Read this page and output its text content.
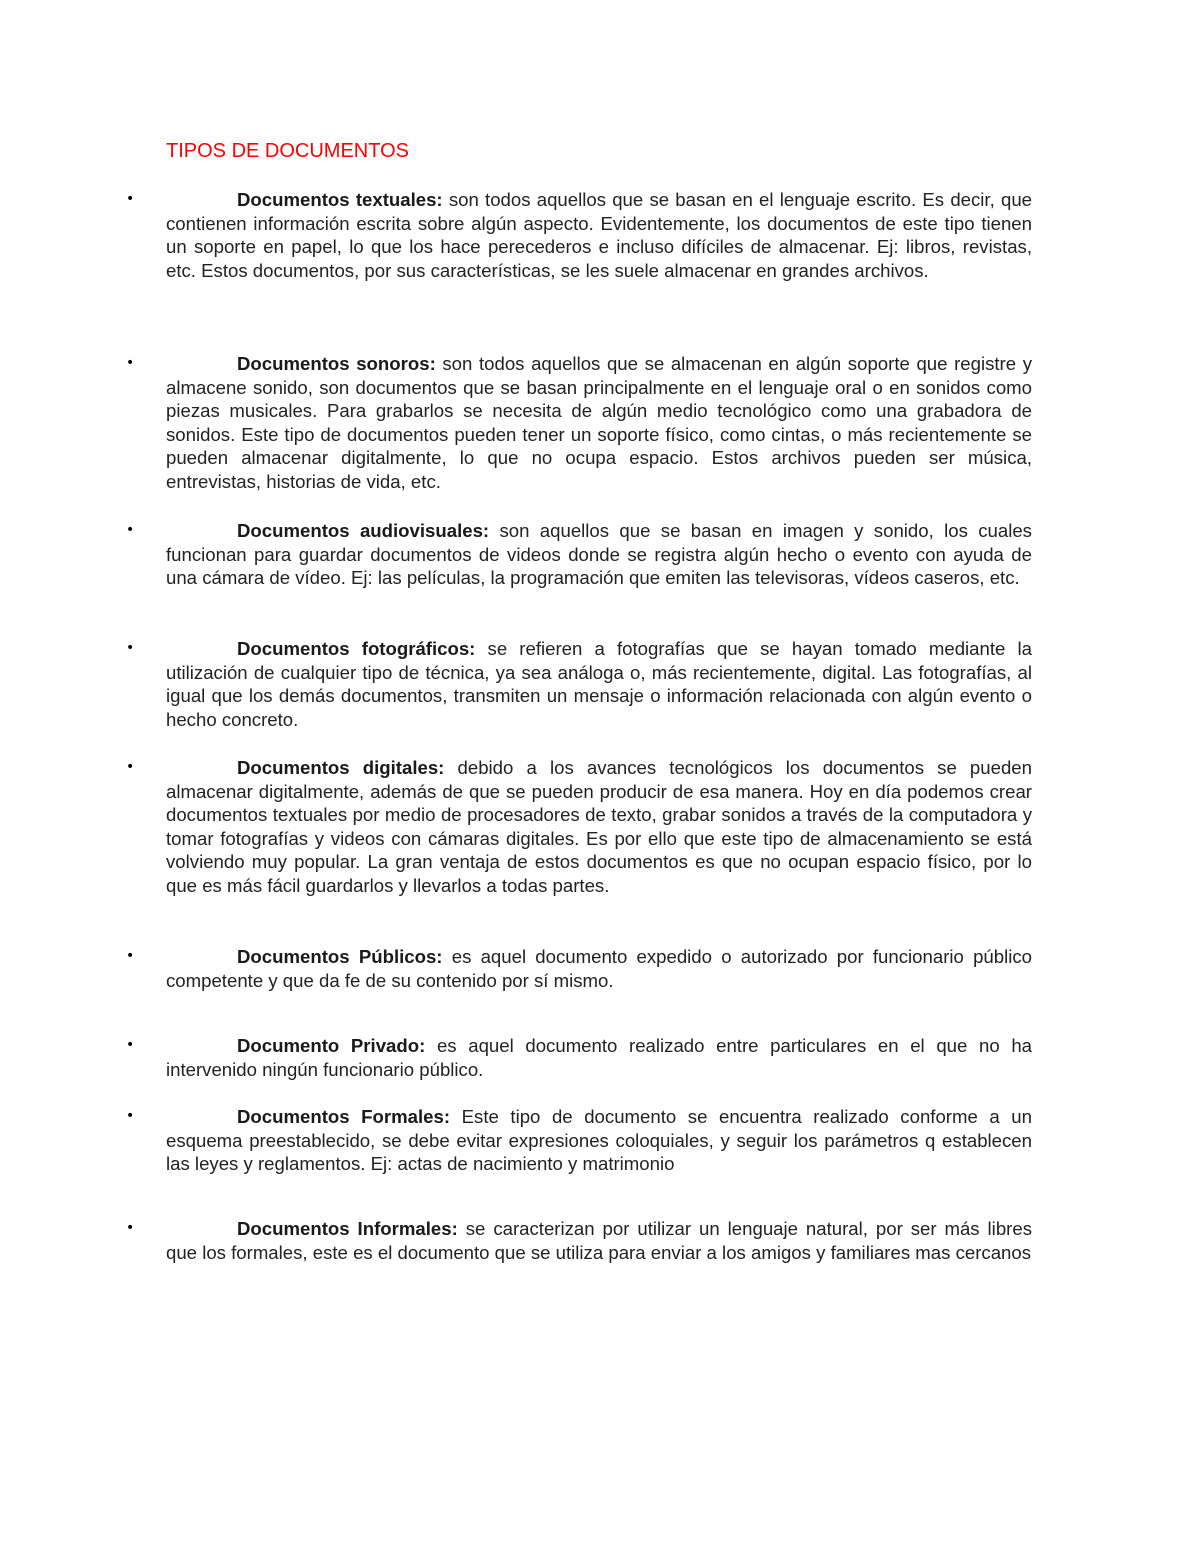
TIPOS DE DOCUMENTOS
•	Documentos textuales: son todos aquellos que se basan en el lenguaje escrito. Es decir, que contienen información escrita sobre algún aspecto. Evidentemente, los documentos de este tipo tienen un soporte en papel, lo que los hace perecederos e incluso difíciles de almacenar. Ej: libros, revistas, etc. Estos documentos, por sus características, se les suele almacenar en grandes archivos.
•	Documentos sonoros: son todos aquellos que se almacenan en algún soporte que registre y almacene sonido, son documentos que se basan principalmente en el lenguaje oral o en sonidos como piezas musicales. Para grabarlos se necesita de algún medio tecnológico como una grabadora de sonidos. Este tipo de documentos pueden tener un soporte físico, como cintas, o más recientemente se pueden almacenar digitalmente, lo que no ocupa espacio. Estos archivos pueden ser música, entrevistas, historias de vida, etc.
•	Documentos audiovisuales: son aquellos que se basan en imagen y sonido, los cuales funcionan para guardar documentos de videos donde se registra algún hecho o evento con ayuda de una cámara de vídeo. Ej: las películas, la programación que emiten las televisoras, vídeos caseros, etc.
•	Documentos fotográficos: se refieren a fotografías que se hayan tomado mediante la utilización de cualquier tipo de técnica, ya sea análoga o, más recientemente, digital. Las fotografías, al igual que los demás documentos, transmiten un mensaje o información relacionada con algún evento o hecho concreto.
•	Documentos digitales: debido a los avances tecnológicos los documentos se pueden almacenar digitalmente, además de que se pueden producir de esa manera. Hoy en día podemos crear documentos textuales por medio de procesadores de texto, grabar sonidos a través de la computadora y tomar fotografías y videos con cámaras digitales. Es por ello que este tipo de almacenamiento se está volviendo muy popular. La gran ventaja de estos documentos es que no ocupan espacio físico, por lo que es más fácil guardarlos y llevarlos a todas partes.
•	Documentos Públicos: es aquel documento expedido o autorizado por funcionario público competente y que da fe de su contenido por sí mismo.
•	Documento Privado: es aquel documento realizado entre particulares en el que no ha intervenido ningún funcionario público.
•	Documentos Formales: Este tipo de documento se encuentra realizado conforme a un esquema preestablecido, se debe evitar expresiones coloquiales, y seguir los parámetros q establecen las leyes y reglamentos. Ej: actas de nacimiento y matrimonio
•	Documentos Informales: se caracterizan por utilizar un lenguaje natural, por ser más libres que los formales, este es el documento que se utiliza para enviar a los amigos y familiares mas cercanos
